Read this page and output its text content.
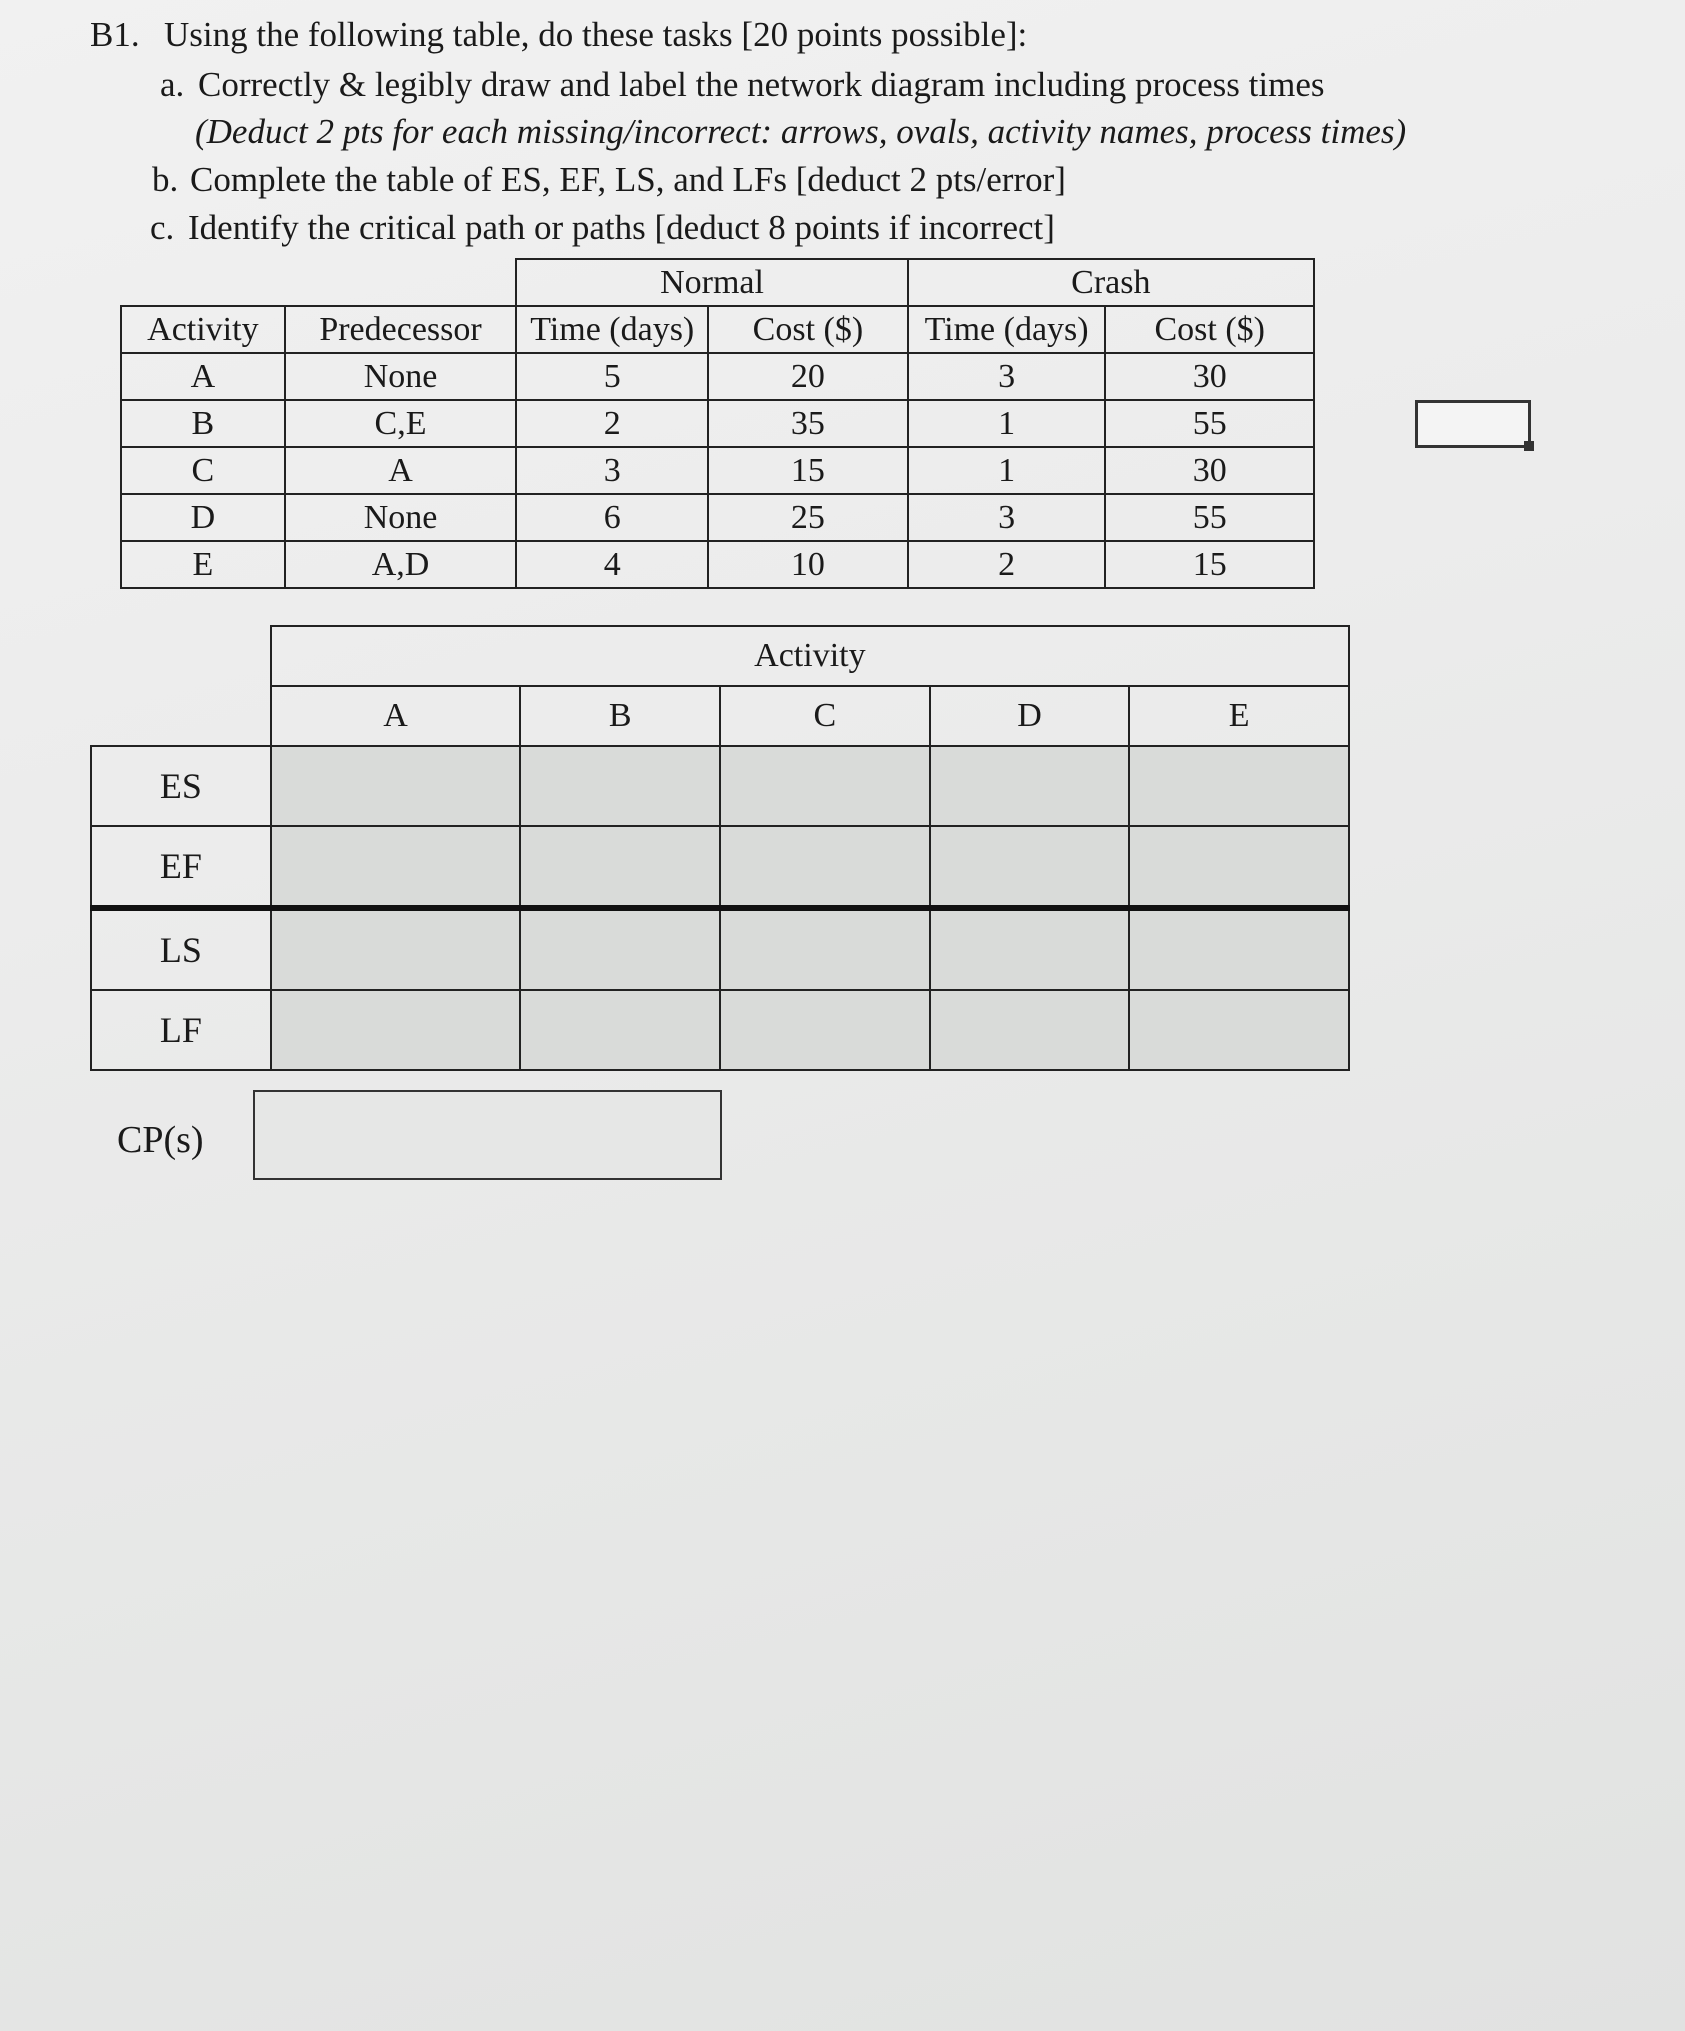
B1. Using the following table, do these tasks [20 points possible]:
a. Correctly & legibly draw and label the network diagram including process times
(Deduct 2 pts for each missing/incorrect: arrows, ovals, activity names, process times)
b. Complete the table of ES, EF, LS, and LFs [deduct 2 pts/error]
c. Identify the critical path or paths [deduct 8 points if incorrect]
		Normal		Crash	
Activity	Predecessor	Time (days)	Cost ($)	Time (days)	Cost ($)
A	None	5	20	3	30
B	C,E	2	35	1	55
C	A	3	15	1	30
D	None	6	25	3	55
E	A,D	4	10	2	15
	Activity				
	A	B	C	D	E
ES					
EF					
LS					
LF					
CP(s)
